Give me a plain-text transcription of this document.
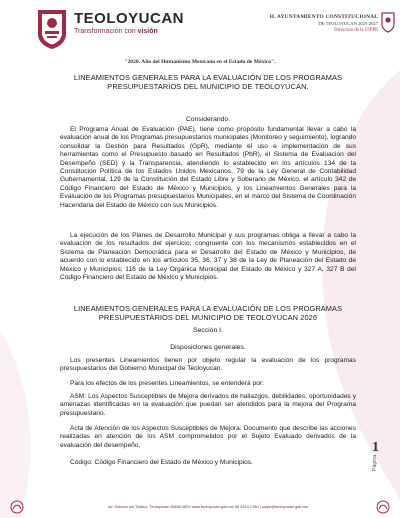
TEOLOYUCAN
Transformación con visión
H. AYUNTAMIENTO CONSTITUCIONAL
DE TEOLOYUCAN 2025-2027
Dirección de la UIPPE
"2026. Año del Humanismo Mexicano en el Estado de México".
LINEAMIENTOS GENERALES PARA LA EVALUACIÓN DE LOS PROGRAMAS
PRESUPUESTARIOS DEL MUNICIPIO DE TEOLOYUCAN.
Considerando.
El Programa Anual de Evaluación (PAE), tiene como propósito fundamental llevar a cabo la evaluación anual de los Programas presupuestarios municipales (Monitoreo y seguimiento), logrando consolidar la Gestión para Resultados (GpR), mediante el uso e implementación de sus herramientas como el Presupuesto basado en Resultados (PbR), el Sistema de Evaluación del Desempeño (SED) y la Transparencia, atendiendo lo establecido en los artículos 134 de la Constitución Política de los Estados Unidos Mexicanos, 79 de la Ley General de Contabilidad Gubernamental, 129 de la Constitución del Estado Libre y Soberano de México, el artículo 342 de Código Financiero del Estado de México y Municipios, y los Lineamientos Generales para la Evaluación de los Programas presupuestarios Municipales, en el marco del Sistema de Coordinación Hacendaria del Estado de México con sus Municipios.
La ejecución de los Planes de Desarrollo Municipal y sus programas obliga a llevar a cabo la evaluación de los resultados del ejercicio; congruente con los mecanismos establecidos en el Sistema de Planeación Democrática para el Desarrollo del Estado de México y Municipios, de acuerdo con lo establecido en los artículos 35, 36, 37 y 38 de la Ley de Planeación del Estado de México y Municipios; 116 de la Ley Orgánica Municipal del Estado de México y 327 A, 327 B del Código Financiero del Estado de México y Municipios.
LINEAMIENTOS GENERALES PARA LA EVALUACIÓN DE LOS PROGRAMAS
PRESUPUESTARIOS DEL MUNICIPIO DE TEOLOYUCAN 2026
Sección I.
Disposiciones generales.
Los presentes Lineamientos tienen por objeto regular la evaluación de los programas presupuestarios del Gobierno Municipal de Teoloyucan.
Para los efectos de los presentes Lineamientos, se entenderá por:
ASM: Los Aspectos Susceptibles de Mejora derivados de hallazgos, debilidades, oportunidades y amenazas identificadas en la evaluación que puedan ser atendidos para la mejora del Programa presupuestario.
Acta de Atención de los Aspectos Susceptibles de Mejora: Documento que describe las acciones realizadas en atención de los ASM comprometidos por el Sujeto Evaluado derivados de la evaluación del desempeño.
Código: Código Financiero del Estado de México y Municipios.
1
Página
Av. Dolores s/n Tlatilco, Teoloyucan 55630 MEX www.teoloyucan.gob.mx 59 3914 1760 | uippe@teoloyucan.gob.mx
